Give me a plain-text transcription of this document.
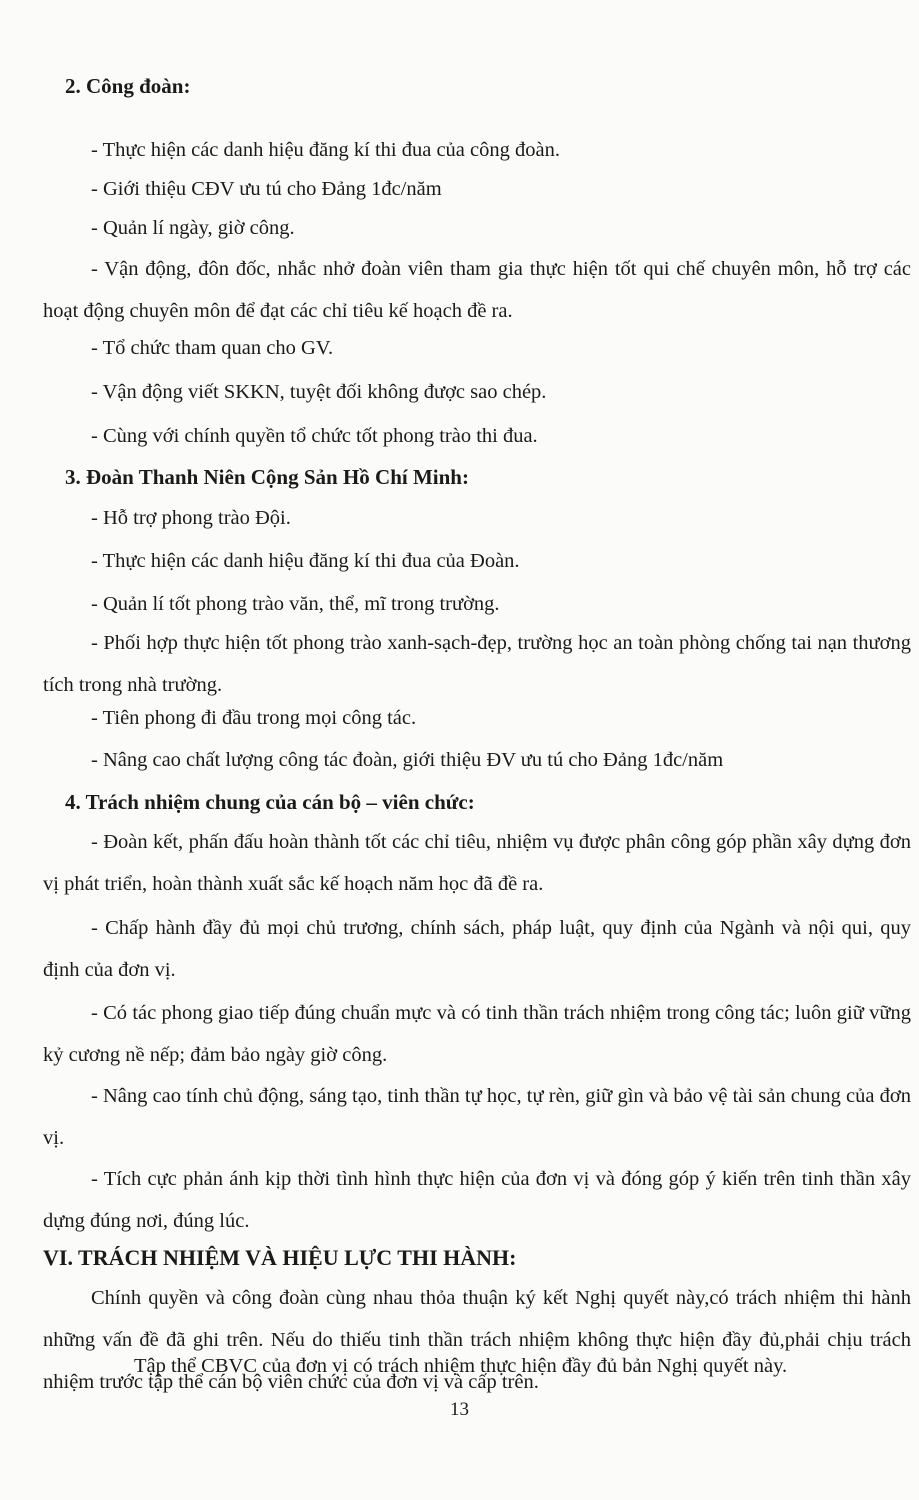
2. Công đoàn:
- Thực hiện các danh hiệu đăng kí thi đua của công đoàn.
- Giới thiệu CĐV ưu tú cho Đảng 1đc/năm
- Quản lí ngày, giờ công.
- Vận động, đôn đốc, nhắc nhở đoàn viên tham gia thực hiện tốt qui chế chuyên môn, hỗ trợ các hoạt động chuyên môn để đạt các chỉ tiêu kế hoạch đề ra.
- Tổ chức tham quan cho GV.
- Vận động viết SKKN, tuyệt đối không được sao chép.
- Cùng với chính quyền tổ chức tốt phong trào thi đua.
3. Đoàn Thanh Niên Cộng Sản Hồ Chí Minh:
- Hỗ trợ phong trào Đội.
- Thực hiện các danh hiệu đăng kí thi đua của Đoàn.
- Quản lí tốt phong trào văn, thể, mĩ trong trường.
- Phối hợp thực hiện tốt phong trào xanh-sạch-đẹp, trường học an toàn phòng chống tai nạn thương tích trong nhà trường.
- Tiên phong đi đầu trong mọi công tác.
- Nâng cao chất lượng công tác đoàn, giới thiệu ĐV ưu tú cho Đảng 1đc/năm
4. Trách nhiệm chung của cán bộ – viên chức:
- Đoàn kết, phấn đấu hoàn thành tốt các chỉ tiêu, nhiệm vụ được phân công góp phần xây dựng đơn vị phát triển, hoàn thành xuất sắc kế hoạch năm học đã đề ra.
- Chấp hành đầy đủ mọi chủ trương, chính sách, pháp luật, quy định của Ngành và nội qui, quy định của đơn vị.
- Có tác phong giao tiếp đúng chuẩn mực và có tinh thần trách nhiệm trong công tác; luôn giữ vững kỷ cương nề nếp; đảm bảo ngày giờ công.
- Nâng cao tính chủ động, sáng tạo, tinh thần tự học, tự rèn, giữ gìn và bảo vệ tài sản chung của đơn vị.
- Tích cực phản ánh kịp thời tình hình thực hiện của đơn vị và đóng góp ý kiến trên tinh thần xây dựng đúng nơi, đúng lúc.
VI. TRÁCH NHIỆM VÀ HIỆU LỰC THI HÀNH:
Chính quyền và công đoàn cùng nhau thỏa thuận ký kết Nghị quyết này,có trách nhiệm thi hành những vấn đề đã ghi trên. Nếu do thiếu tinh thần trách nhiệm không thực hiện đầy đủ,phải chịu trách nhiệm trước tập thể cán bộ viên chức của đơn vị và cấp trên.
13
Tập thể CBVC của đơn vị có trách nhiệm thực hiện đầy đủ bản Nghị quyết này.
